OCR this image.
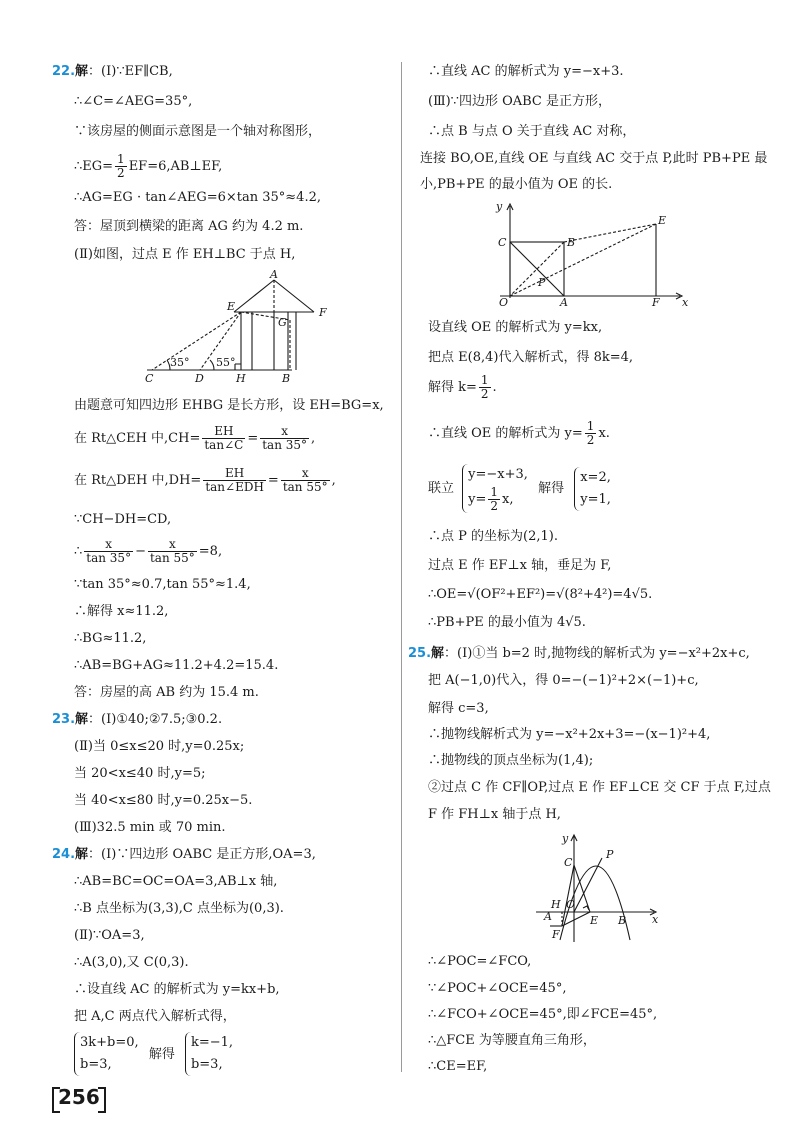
22.解：(Ⅰ)∵EF∥CB,
∴∠C=∠AEG=35°,
∵该房屋的侧面示意图是一个轴对称图形，
∴EG= $\frac{1}{2}$ EF=6,AB⊥EF,
∴AG=EG · tan∠AEG=6×tan 35°≈4.2,
答：屋顶到横梁的距离 AG 约为 4.2 m.
(Ⅱ)如图，过点 E 作 EH⊥BC 于点 H,
A
E	F
G
35° 55°
C	D	H	B
由题意可知四边形 EHBG 是长方形，设 EH=BG=x,
在 Rt△CEH 中$,CH= \frac{EH}{\tan\angle C} = \frac{x}{\tan 35^\circ}$ ,
在 Rt△DEH 中$,DH= \frac{EH}{\text{tan∠EDH}} = \frac{x}{\tan 55^\circ}$ ,
∵CH−DH=CD,
∴ $\frac{x}{\tan 35^\circ} - \frac{x}{\tan 55^\circ} =8$,
∵tan 35°≈0.7,tan 55°≈1.4,
∴解得 x≈11.2,
∴BG≈11.2,
∴AB=BG+AG≈11.2+4.2=15.4.
答：房屋的高 AB 约为 15.4 m.
23.解：(Ⅰ)①40;②7.5;③0.2.
(Ⅱ)当 0≤x≤20 时,y=0.25x;
当 20<x≤40 时,y=5;
当 40<x≤80 时,y=0.25x−5.
(Ⅲ)32.5 min 或 70 min.
24.解：(Ⅰ)∵四边形 OABC 是正方形,OA=3,
∴AB=BC=OC=OA=3,AB⊥x 轴,
∴B 点坐标为(3,3),C 点坐标为(0,3).
(Ⅱ)∵OA=3,
∴A(3,0),又 C(0,3).
∴设直线 AC 的解析式为 y=kx+b,
把 A,C 两点代入解析式得，
3k+b=0,
b=3,
解得
k=−1,
b=3,
256
∴直线 AC 的解析式为 y=−x+3.
(Ⅲ)∵四边形 OABC 是正方形，
∴点 B 与点 O 关于直线 AC 对称，
连接 BO,OE,直线 OE 与直线 AC 交于点 P,此时 PB+PE 最
小,PB+PE 的最小值为 OE 的长.
y
x
C	B
E
P
O	A	F
设直线 OE 的解析式为 y=kx,
把点 E(8,4)代入解析式，得 8k=4,
解得 $k= \frac{1}{2}$ .
∴直线 OE 的解析式为 $y= \frac{1}{2} x$.
联立
y=−x+3,
$y= \frac{1}{2} x$,
解得
x=2,
y=1,
∴点 P 的坐标为(2,1).
过点 E 作 EF⊥x 轴，垂足为 F,
∴OE=√(OF²+EF²)=√(8²+4²)=4√5.
∴PB+PE 的最小值为 4√5.
25.解：(Ⅰ)①当 b=2 时,抛物线的解析式为 y=−x²+2x+c,
把 A(−1,0)代入，得 0=−(−1)²+2×(−1)+c,
解得 c=3,
∴抛物线解析式为 y=−x²+2x+3=−(x−1)²+4,
∴抛物线的顶点坐标为(1,4);
②过点 C 作 CF∥OP,过点 E 作 EF⊥CE 交 CF 于点 F,过点
F 作 FH⊥x 轴于点 H,
y
x
C
P
H O
E B
A
F
∴∠POC=∠FCO,
∵∠POC+∠OCE=45°,
∴∠FCO+∠OCE=45°,即∠FCE=45°,
∴△FCE 为等腰直角三角形，
∴CE=EF,
